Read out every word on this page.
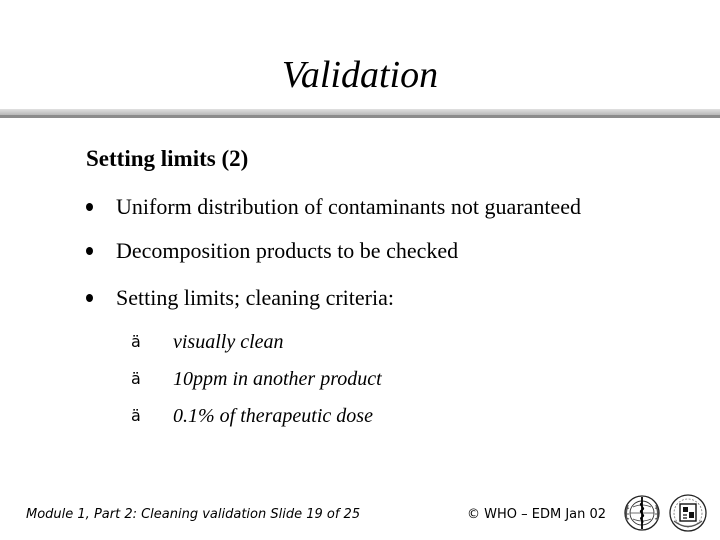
Validation
Setting limits (2)
Uniform distribution of contaminants not guaranteed
Decomposition products to be checked
Setting limits; cleaning criteria:
ä	visually clean
ä	10ppm in another product
ä	0.1% of therapeutic dose
Module 1, Part 2: Cleaning validation Slide 19 of 25	© WHO – EDM Jan 02
